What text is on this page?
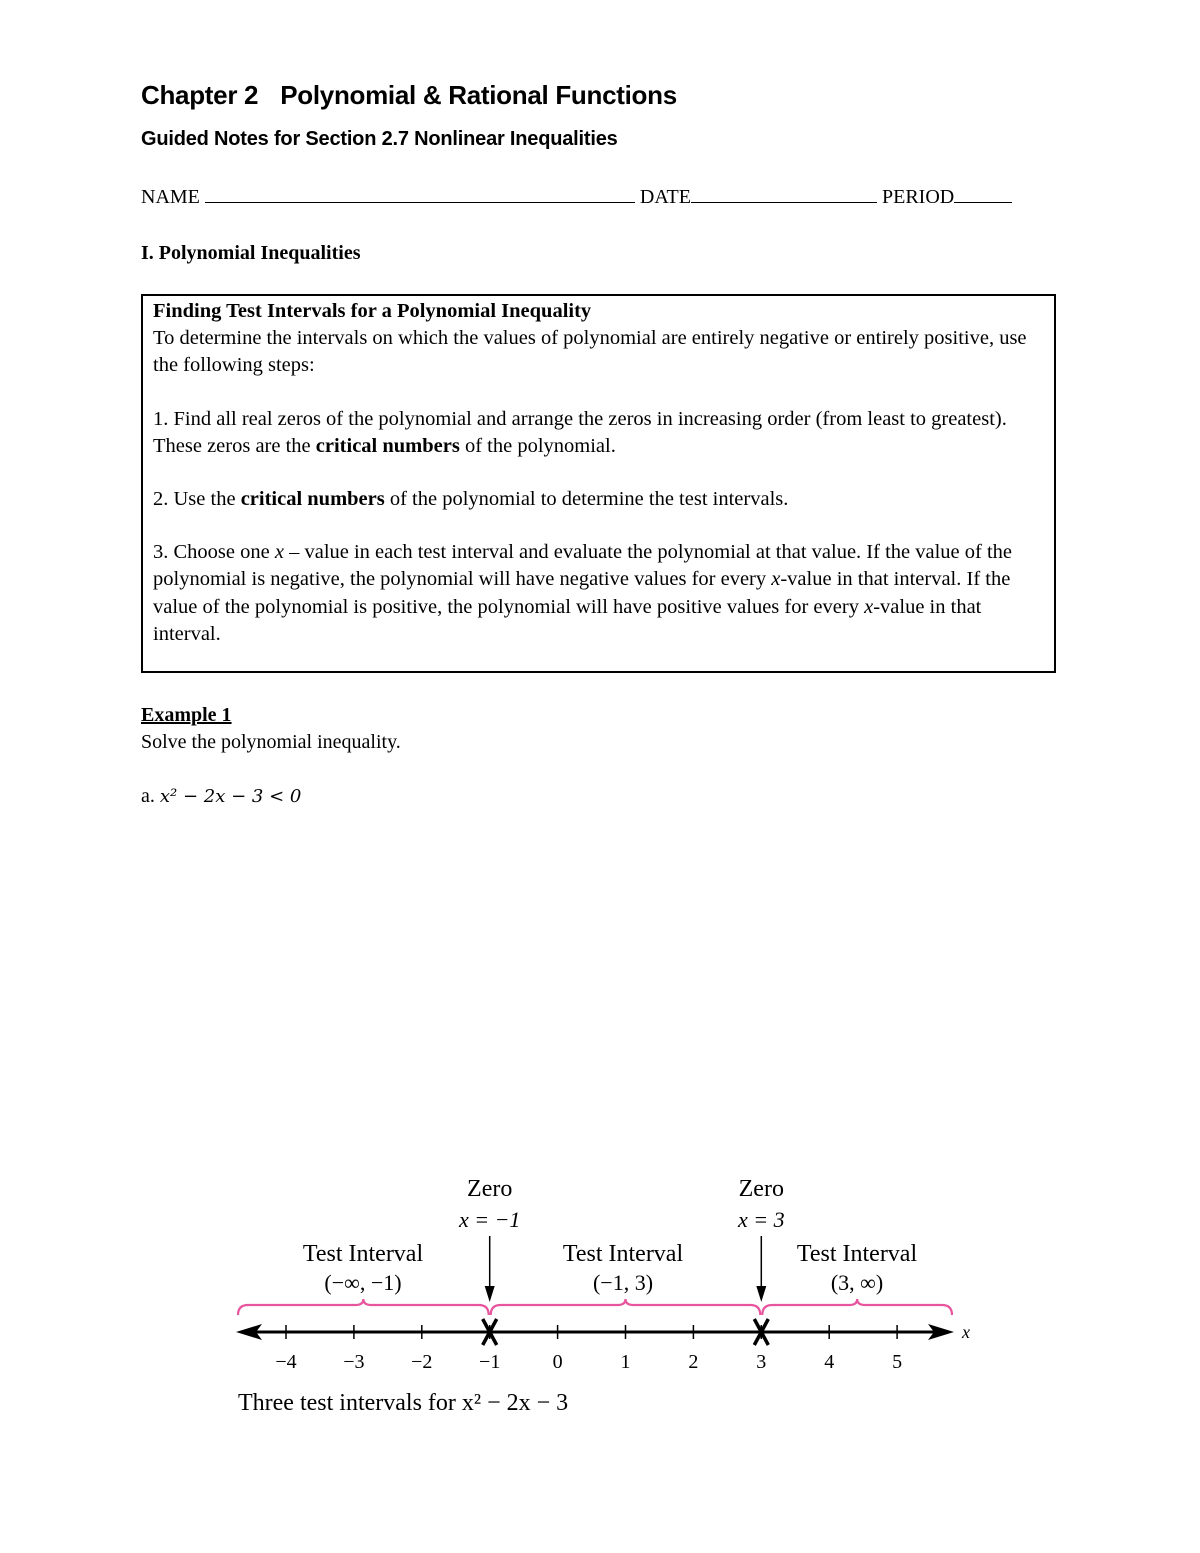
Chapter 2 Polynomial & Rational Functions
Guided Notes for Section 2.7 Nonlinear Inequalities
NAME	DATE	PERIOD
I. Polynomial Inequalities

Finding Test Intervals for a Polynomial Inequality

To determine the intervals on which the values of polynomial are entirely negative or entirely positive, use the following steps:

1. Find all real zeros of the polynomial and arrange the zeros in increasing order (from least to greatest). These zeros are the critical numbers of the polynomial.

2. Use the critical numbers of the polynomial to determine the test intervals.

3. Choose one x – value in each test interval and evaluate the polynomial at that value. If the value of the polynomial is negative, the polynomial will have negative values for every x-value in that interval. If the value of the polynomial is positive, the polynomial will have positive values for every x-value in that interval.

Example 1
Solve the polynomial inequality.
a. x² − 2x − 3 < 0
x
−4 −3 −2 −1	0	1	2	3	4	5
Zero
x = −1
Zero
x = 3
Test Interval
(−∞, −1)
Test Interval
(−1, 3)
Test Interval
(3, ∞)
Three test intervals for x² − 2x − 3
